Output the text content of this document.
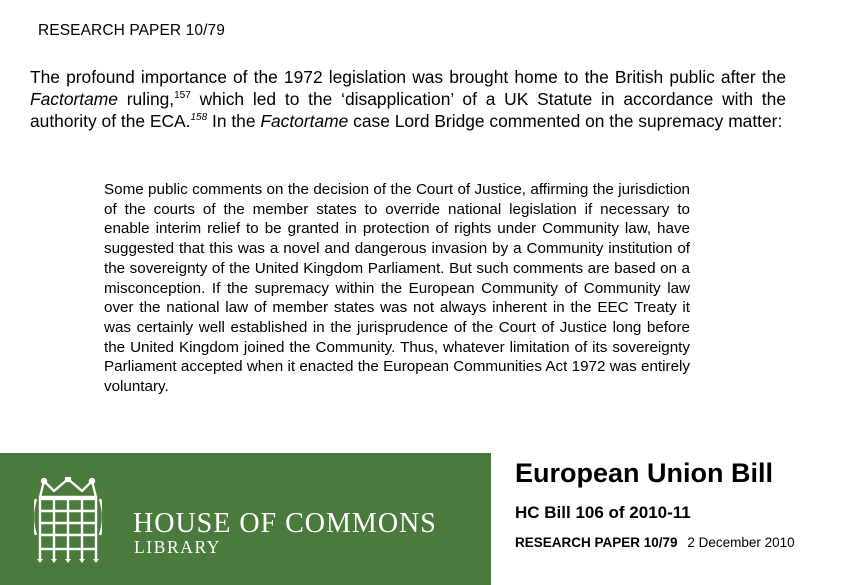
RESEARCH PAPER 10/79

The profound importance of the 1972 legislation was brought home to the British public after the Factortame ruling,$^{157}$ which led to the ‘disapplication’ of a UK Statute in accordance with the authority of the ECA.$^{158}$ In the Factortame case Lord Bridge commented on the supremacy matter:

Some public comments on the decision of the Court of Justice, affirming the jurisdiction of the courts of the member states to override national legislation if necessary to enable interim relief to be granted in protection of rights under Community law, have suggested that this was a novel and dangerous invasion by a Community institution of the sovereignty of the United Kingdom Parliament. But such comments are based on a misconception. If the supremacy within the European Community of Community law over the national law of member states was not always inherent in the EEC Treaty it was certainly well established in the jurisprudence of the Court of Justice long before the United Kingdom joined the Community. Thus, whatever limitation of its sovereignty Parliament accepted when it enacted the European Communities Act 1972 was entirely voluntary.

HOUSE OF COMMONS
LIBRARY
European Union Bill
HC Bill 106 of 2010-11
RESEARCH PAPER 10/79 2 December 2010
